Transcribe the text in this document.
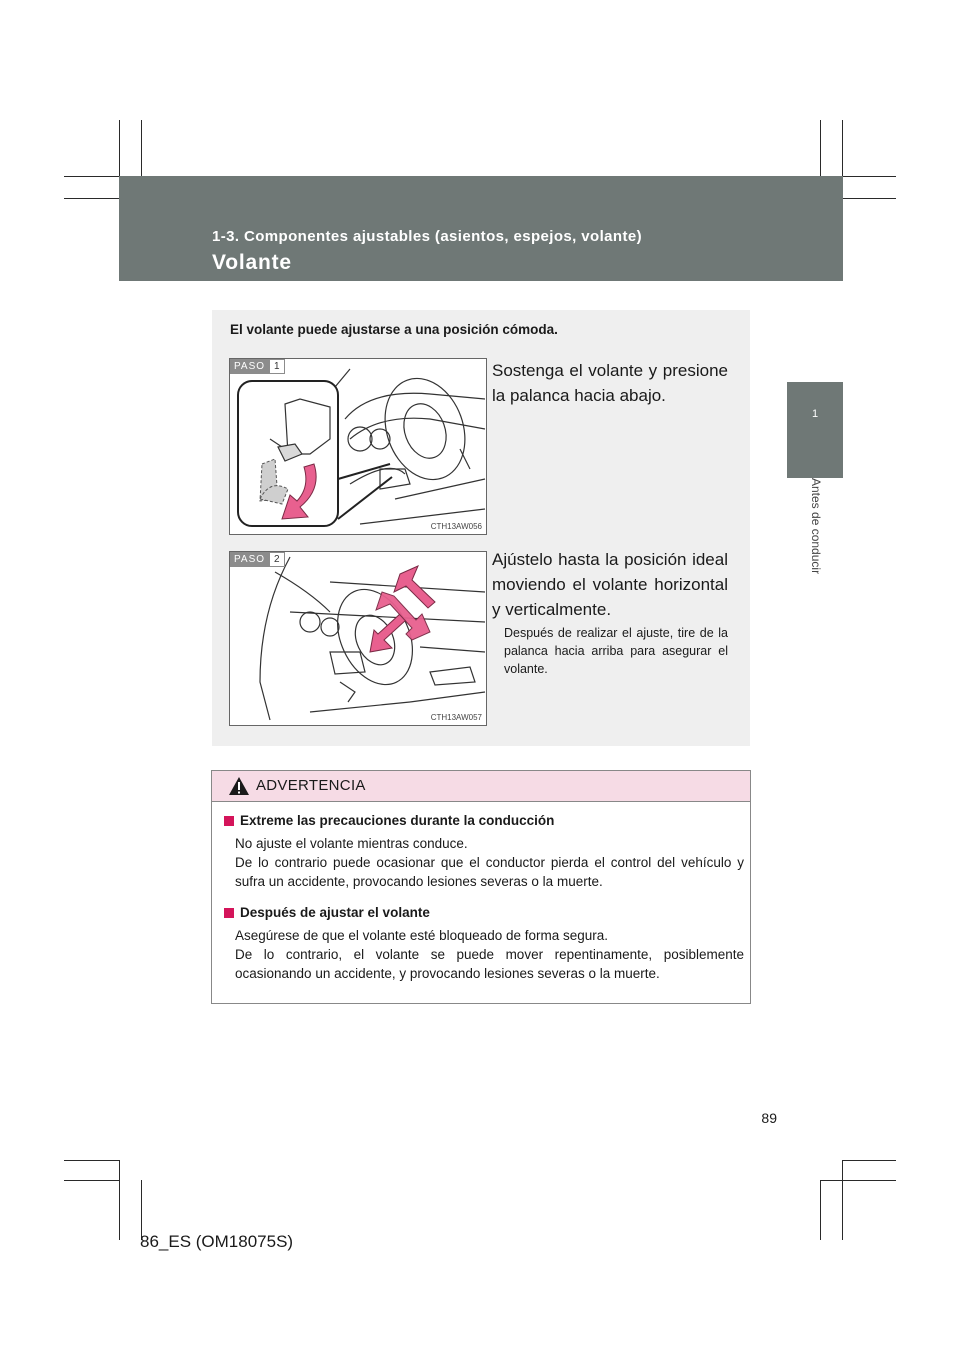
1-3. Componentes ajustables (asientos, espejos, volante)
Volante
1
Antes de conducir
El volante puede ajustarse a una posición cómoda.
PASO 1
CTH13AW056
Sostenga el volante y presione la palanca hacia abajo.
PASO 2
CTH13AW057
Ajústelo hasta la posición ideal moviendo el volante horizontal y verticalmente.
Después de realizar el ajuste, tire de la palanca hacia arriba para asegurar el volante.
ADVERTENCIA
Extreme las precauciones durante la conducción
No ajuste el volante mientras conduce.
De lo contrario puede ocasionar que el conductor pierda el control del vehículo y sufra un accidente, provocando lesiones severas o la muerte.
Después de ajustar el volante
Asegúrese de que el volante esté bloqueado de forma segura.
De lo contrario, el volante se puede mover repentinamente, posiblemente ocasionando un accidente, y provocando lesiones severas o la muerte.
89
86_ES (OM18075S)
